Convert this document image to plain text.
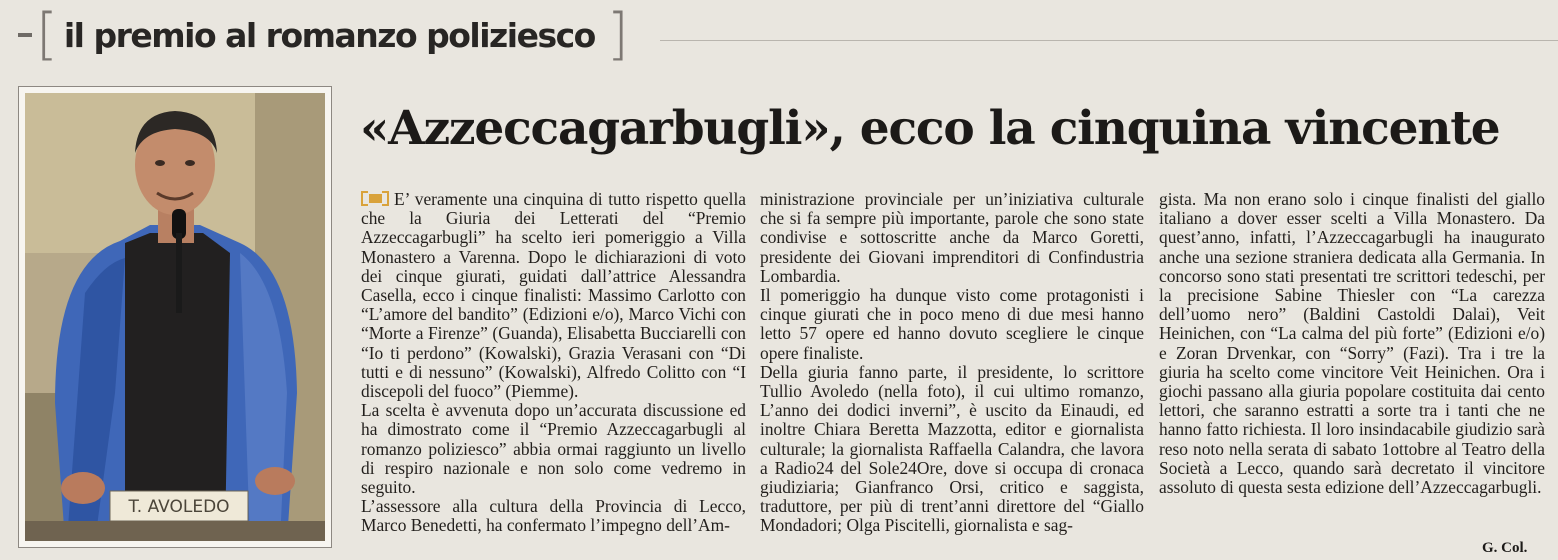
[ il premio al romanzo poliziesco ]
T. AVOLEDO
«Azzeccagarbugli», ecco la cinquina vincente

E’ veramente una cinquina di tutto rispetto quella che la Giuria dei Letterati del “Premio Azzeccagarbugli” ha scelto ieri pomeriggio a Villa Monastero a Varenna. Dopo le dichiarazioni di voto dei cinque giurati, guidati dall’attrice Alessandra Casella, ecco i cinque finalisti: Massimo Carlotto con “L’amore del bandito” (Edizioni e/o), Marco Vichi con “Morte a Firenze” (Guanda), Elisabetta Bucciarelli con “Io ti perdono” (Kowalski), Grazia Verasani con “Di tutti e di nessuno” (Kowalski), Alfredo Colitto con “I discepoli del fuoco” (Piemme).

La scelta è avvenuta dopo un’accurata discussione ed ha dimostrato come il “Premio Azzeccagarbugli al romanzo poliziesco” abbia ormai raggiunto un livello di respiro nazionale e non solo come vedremo in seguito.

L’assessore alla cultura della Provincia di Lecco, Marco Benedetti, ha confermato l’impegno dell’Am-

ministrazione provinciale per un’iniziativa culturale che si fa sempre più importante, parole che sono state condivise e sottoscritte anche da Marco Goretti, presidente dei Giovani imprenditori di Confindustria Lombardia.

Il pomeriggio ha dunque visto come protagonisti i cinque giurati che in poco meno di due mesi hanno letto 57 opere ed hanno dovuto scegliere le cinque opere finaliste.

Della giuria fanno parte, il presidente, lo scrittore Tullio Avoledo (nella foto), il cui ultimo romanzo, L’anno dei dodici inverni”, è uscito da Einaudi, ed inoltre Chiara Beretta Mazzotta, editor e giornalista culturale; la giornalista Raffaella Calandra, che lavora a Radio24 del Sole24Ore, dove si occupa di cronaca giudiziaria; Gianfranco Orsi, critico e saggista, traduttore, per più di trent’anni direttore del “Giallo Mondadori; Olga Piscitelli, giornalista e sag-

gista. Ma non erano solo i cinque finalisti del giallo italiano a dover esser scelti a Villa Monastero. Da quest’anno, infatti, l’Azzeccagarbugli ha inaugurato anche una sezione straniera dedicata alla Germania. In concorso sono stati presentati tre scrittori tedeschi, per la precisione Sabine Thiesler con “La carezza dell’uomo nero” (Baldini Castoldi Dalai), Veit Heinichen, con “La calma del più forte” (Edizioni e/o) e Zoran Drvenkar, con “Sorry” (Fazi). Tra i tre la giuria ha scelto come vincitore Veit Heinichen. Ora i giochi passano alla giuria popolare costituita dai cento lettori, che saranno estratti a sorte tra i tanti che ne hanno fatto richiesta. Il loro insindacabile giudizio sarà reso noto nella serata di sabato 1ottobre al Teatro della Società a Lecco, quando sarà decretato il vincitore assoluto di questa sesta edizione dell’Azzeccagarbugli.

G. Col.
